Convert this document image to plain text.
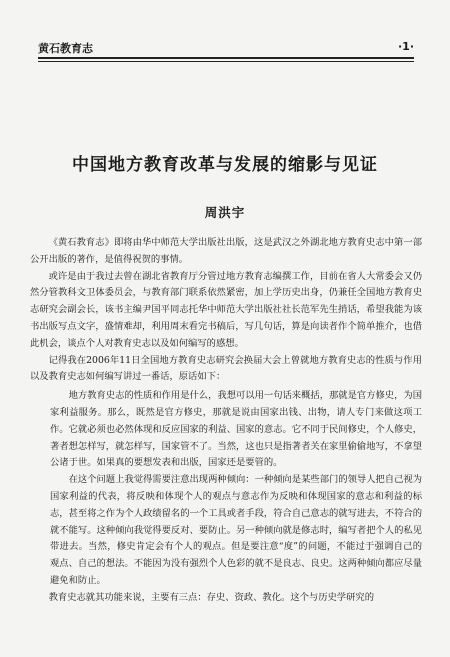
黄石教育志	·1·
中国地方教育改革与发展的缩影与见证
周洪宇

《黄石教育志》即将由华中师范大学出版社出版，这是武汉之外湖北地方教育史志中第一部公开出版的著作，是值得祝贺的事情。

或许是由于我过去曾在湖北省教育厅分管过地方教育志编撰工作，目前在省人大常委会又仍然分管教科文卫体委员会，与教育部门联系依然紧密，加上学历史出身，仍兼任全国地方教育史志研究会副会长，该书主编尹国平同志托华中师范大学出版社社长范军先生捎话，希望我能为该书出版写点文字，盛情难却，利用周末看完书稿后，写几句话，算是向读者作个简单推介，也借此机会，谈点个人对教育史志以及如何编写的感想。

记得我在2006年11日全国地方教育史志研究会换届大会上曾就地方教育史志的性质与作用以及教育史志如何编写讲过一番话，原话如下：

地方教育史志的性质和作用是什么，我想可以用一句话来概括，那就是官方修史，为国家利益服务。那么，既然是官方修史，那就是说由国家出钱、出物，请人专门来做这项工作。它就必须也必然体现和反应国家的利益、国家的意志。它不同于民间修史，个人修史，著者想怎样写，就怎样写，国家管不了。当然，这也只是指著者关在家里偷偷地写，不拿望公诸于世。如果真的要想发表和出版，国家还是要管的。

在这个问题上我觉得需要注意出现两种倾向：一种倾向是某些部门的领导人把自己视为国家利益的代表，将反映和体现个人的观点与意志作为反映和体现国家的意志和利益的标志，甚至将之作为个人政绩留名的一个工具或者手段，符合自己意志的就写进去，不符合的就不能写。这种倾向我觉得要反对、要防止。另一种倾向就是修志时，编写者把个人的私见带进去。当然，修史肯定会有个人的观点。但是要注意“度”的问题，不能过于强调自己的观点、自己的想法。不能因为没有强烈个人色彩的就不是良志、良史。这两种倾向都应尽量避免和防止。

教育史志就其功能来说，主要有三点：存史、资政、教化。这个与历史学研究的
